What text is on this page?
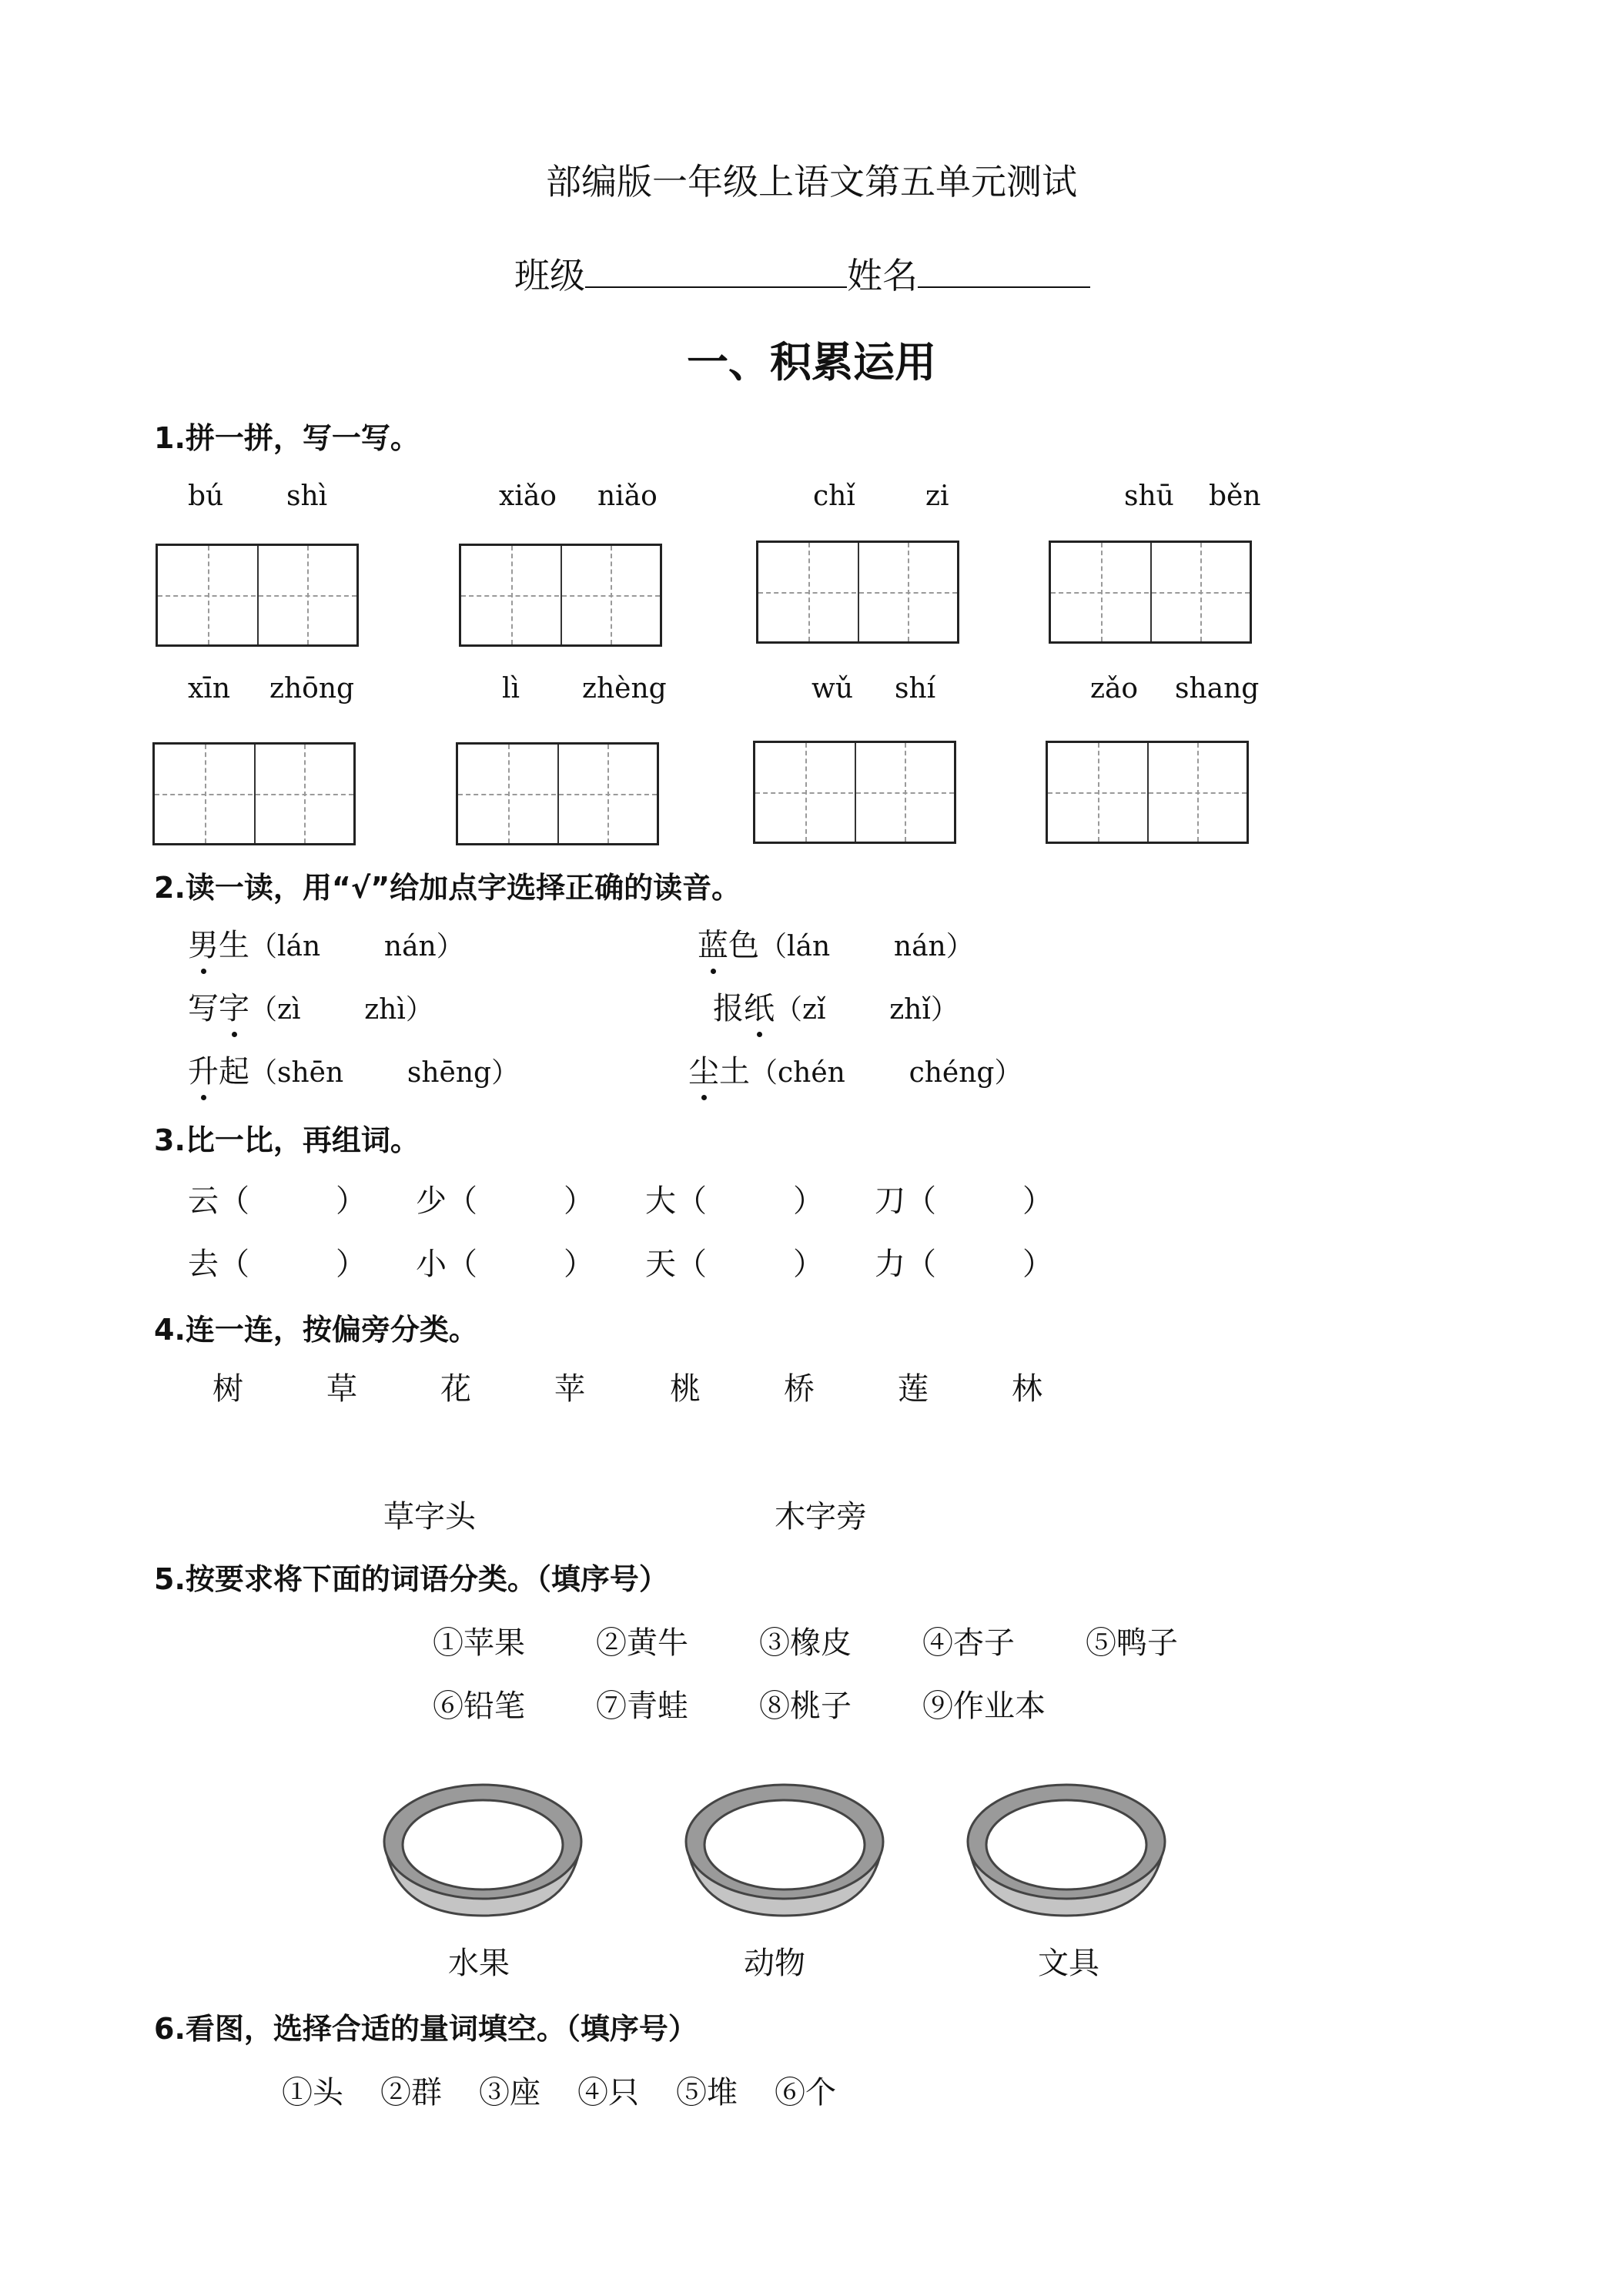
部编版一年级上语文第五单元测试
班级	姓名
一、积累运用
1.拼一拼，写一写。
bú shì	xiǎo niǎo	chǐ	zi	shū běn
xīn zhōng	lì zhèng	wǔ shí	zǎo shang
2.读一读，用“√”给加点字选择正确的读音。
男生（lán nán）	蓝色（lán nán）
写字（zì zhì）	报纸（zǐ zhǐ）
升起（shēn shēng）	尘土（chén chéng）
3.比一比，再组词。
云（	） 少（	） 大（	） 刀（	）
去（	） 小（	） 天（	） 力（	）
4.连一连，按偏旁分类。
树	草	花	苹	桃	桥	莲	林
草字头	木字旁
5.按要求将下面的词语分类。（填序号）
①苹果 ②黄牛 ③橡皮 ④杏子 ⑤鸭子
⑥铅笔 ⑦青蛙 ⑧桃子 ⑨作业本
水果	动物	文具
6.看图，选择合适的量词填空。（填序号）
①头 ②群 ③座 ④只 ⑤堆 ⑥个
